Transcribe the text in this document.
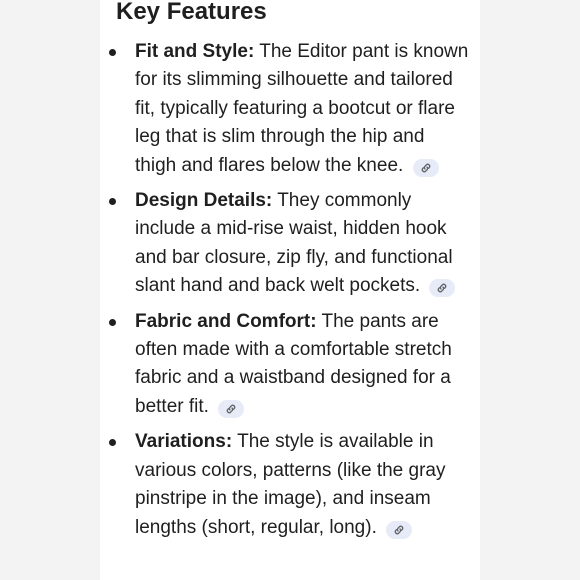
Key Features
Fit and Style: The Editor pant is known for its slimming silhouette and tailored fit, typically featuring a bootcut or flare leg that is slim through the hip and thigh and flares below the knee.
Design Details: They commonly include a mid-rise waist, hidden hook and bar closure, zip fly, and functional slant hand and back welt pockets.
Fabric and Comfort: The pants are often made with a comfortable stretch fabric and a waistband designed for a better fit.
Variations: The style is available in various colors, patterns (like the gray pinstripe in the image), and inseam lengths (short, regular, long).
